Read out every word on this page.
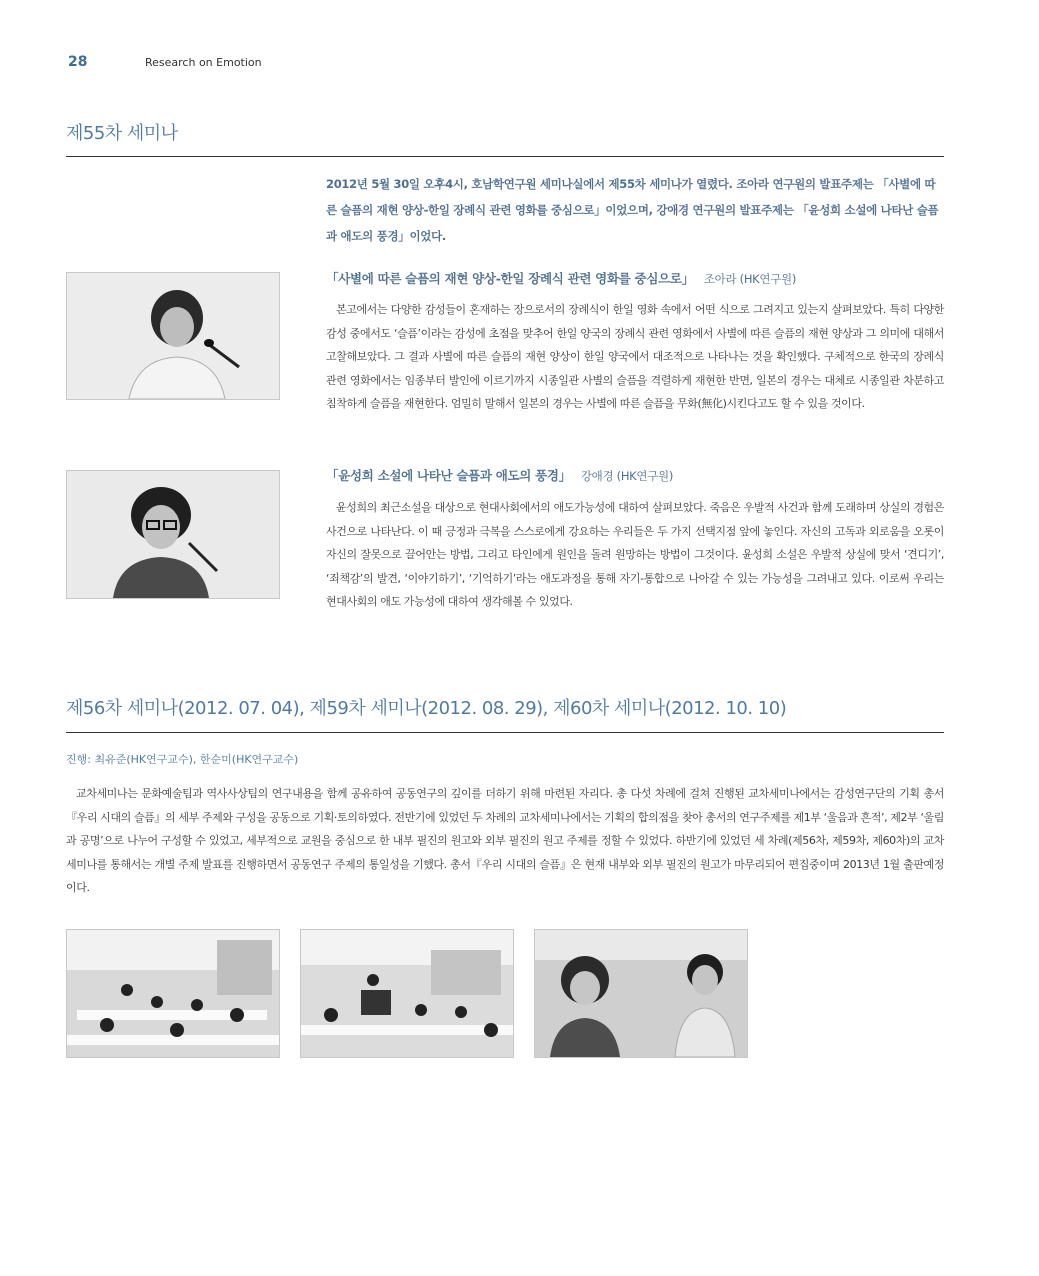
28	Research on Emotion
제55차 세미나
2012년 5월 30일 오후4시, 호남학연구원 세미나실에서 제55차 세미나가 열렸다. 조아라 연구원의 발표주제는 「사별에 따른 슬픔의 재현 양상-한일 장례식 관련 영화를 중심으로」이었으며, 강애경 연구원의 발표주제는 「윤성희 소설에 나타난 슬픔과 애도의 풍경」이었다.
「사별에 따른 슬픔의 재현 양상-한일 장례식 관련 영화를 중심으로」 조아라 (HK연구원)
본고에서는 다양한 감성들이 혼재하는 장으로서의 장례식이 한일 영화 속에서 어떤 식으로 그려지고 있는지 살펴보았다. 특히 다양한 감성 중에서도 ‘슬픔’이라는 감성에 초점을 맞추어 한일 양국의 장례식 관련 영화에서 사별에 따른 슬픔의 재현 양상과 그 의미에 대해서 고찰해보았다. 그 결과 사별에 따른 슬픔의 재현 양상이 한일 양국에서 대조적으로 나타나는 것을 확인했다. 구체적으로 한국의 장례식 관련 영화에서는 임종부터 발인에 이르기까지 시종일관 사별의 슬픔을 격렬하게 재현한 반면, 일본의 경우는 대체로 시종일관 차분하고 침착하게 슬픔을 재현한다. 엄밀히 말해서 일본의 경우는 사별에 따른 슬픔을 무화(無化)시킨다고도 할 수 있을 것이다.
「윤성희 소설에 나타난 슬픔과 애도의 풍경」 강애경 (HK연구원)
윤성희의 최근소설을 대상으로 현대사회에서의 애도가능성에 대하여 살펴보았다. 죽음은 우발적 사건과 함께 도래하며 상실의 경험은 사건으로 나타난다. 이 때 긍정과 극복을 스스로에게 강요하는 우리들은 두 가지 선택지점 앞에 놓인다. 자신의 고독과 외로움을 오롯이 자신의 잘못으로 끌어안는 방법, 그리고 타인에게 원인을 돌려 원망하는 방법이 그것이다. 윤성희 소설은 우발적 상실에 맞서 ‘견디기’, ‘죄책감’의 발견, ‘이야기하기’, ‘기억하기’라는 애도과정을 통해 자기-통합으로 나아갈 수 있는 가능성을 그려내고 있다. 이로써 우리는 현대사회의 애도 가능성에 대하여 생각해볼 수 있었다.
제56차 세미나(2012. 07. 04), 제59차 세미나(2012. 08. 29), 제60차 세미나(2012. 10. 10)
진행: 최유준(HK연구교수), 한순미(HK연구교수)
교차세미나는 문화예술팀과 역사사상팀의 연구내용을 함께 공유하여 공동연구의 깊이를 더하기 위해 마련된 자리다. 총 다섯 차례에 걸쳐 진행된 교차세미나에서는 감성연구단의 기획 총서『우리 시대의 슬픔』의 세부 주제와 구성을 공동으로 기획·토의하였다. 전반기에 있었던 두 차례의 교차세미나에서는 기획의 합의점을 찾아 총서의 연구주제를 제1부 ‘울음과 흔적’, 제2부 ‘울림과 공명’으로 나누어 구성할 수 있었고, 세부적으로 교원을 중심으로 한 내부 필진의 원고와 외부 필진의 원고 주제를 정할 수 있었다. 하반기에 있었던 세 차례(제56차, 제59차, 제60차)의 교차세미나를 통해서는 개별 주제 발표를 진행하면서 공동연구 주제의 통일성을 기했다. 총서『우리 시대의 슬픔』은 현재 내부와 외부 필진의 원고가 마무리되어 편집중이며 2013년 1월 출판예정이다.
